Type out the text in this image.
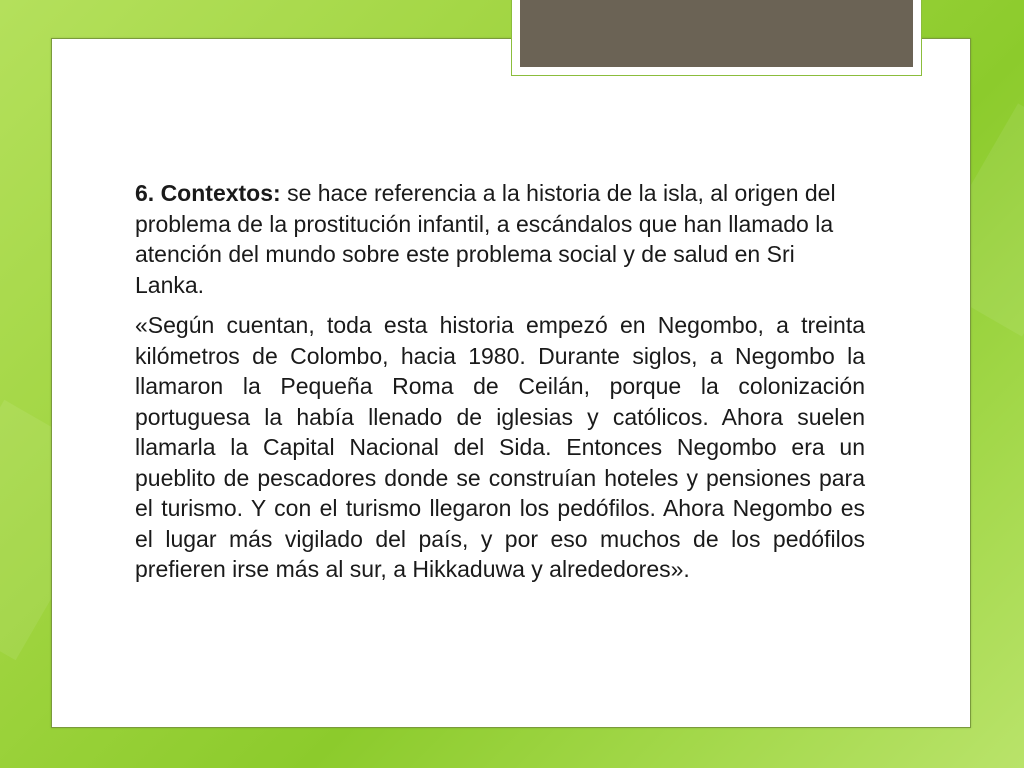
6. Contextos: se hace referencia a la historia de la isla, al origen del problema de la prostitución infantil, a escándalos que han llamado la atención del mundo sobre este problema social y de salud en Sri Lanka.

«Según cuentan, toda esta historia empezó en Negombo, a treinta kilómetros de Colombo, hacia 1980. Durante siglos, a Negombo la llamaron la Pequeña Roma de Ceilán, porque la colonización portuguesa la había llenado de iglesias y católicos. Ahora suelen llamarla la Capital Nacional del Sida. Entonces Negombo era un pueblito de pescadores donde se construían hoteles y pensiones para el turismo. Y con el turismo llegaron los pedófilos. Ahora Negombo es el lugar más vigilado del país, y por eso muchos de los pedófilos prefieren irse más al sur, a Hikkaduwa y alrededores».
